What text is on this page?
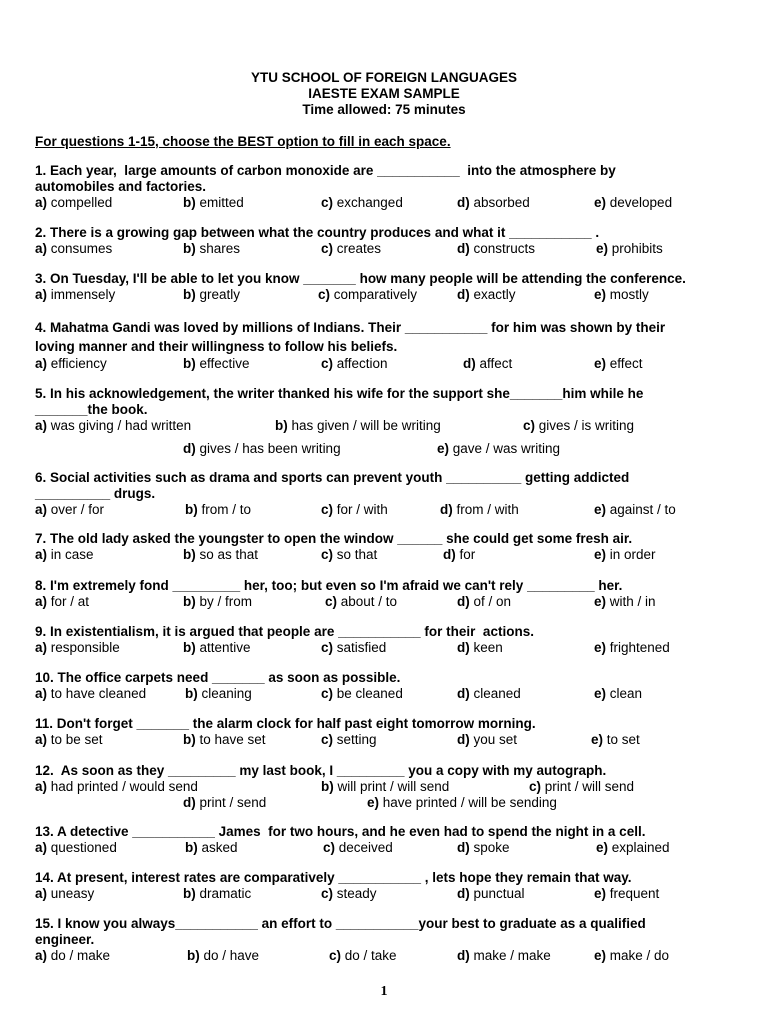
YTU SCHOOL OF FOREIGN LANGUAGES
IAESTE EXAM SAMPLE
Time allowed: 75 minutes
For questions 1-15, choose the BEST option to fill in each space.
1. Each year,  large amounts of carbon monoxide are ___________  into the atmosphere by
automobiles and factories.
a) compelled	b) emitted	c) exchanged	d) absorbed	e) developed
2. There is a growing gap between what the country produces and what it ___________ .
a) consumes	b) shares	c) creates	d) constructs	e) prohibits
3. On Tuesday, I'll be able to let you know _______ how many people will be attending the conference.
a) immensely	b) greatly	c) comparatively	d) exactly	e) mostly
4. Mahatma Gandi was loved by millions of Indians. Their ___________ for him was shown by their
loving manner and their willingness to follow his beliefs.
a) efficiency	b) effective	c) affection	d) affect	e) effect
5. In his acknowledgement, the writer thanked his wife for the support she_______him while he
_______the book.
a) was giving / had written	b) has given / will be writing	c) gives / is writing
d) gives / has been writing	e) gave / was writing
6. Social activities such as drama and sports can prevent youth __________ getting addicted
__________ drugs.
a) over / for	b) from / to	c) for / with	d) from / with	e) against / to
7. The old lady asked the youngster to open the window ______ she could get some fresh air.
a) in case	b) so as that	c) so that	d) for	e) in order
8. I'm extremely fond _________ her, too; but even so I'm afraid we can't rely _________ her.
a) for / at	b) by / from	c) about / to	d) of / on	e) with / in
9. In existentialism, it is argued that people are ___________ for their  actions.
a) responsible	b) attentive	c) satisfied	d) keen	e) frightened
10. The office carpets need _______ as soon as possible.
a) to have cleaned	b) cleaning	c) be cleaned	d) cleaned	e) clean
11. Don't forget _______ the alarm clock for half past eight tomorrow morning.
a) to be set	b) to have set	c) setting	d) you set	e) to set
12.  As soon as they _________ my last book, I _________ you a copy with my autograph.
a) had printed / would send	b) will print / will send	c) print / will send
d) print / send	e) have printed / will be sending
13. A detective ___________ James  for two hours, and he even had to spend the night in a cell.
a) questioned	b) asked	c) deceived	d) spoke	e) explained
14. At present, interest rates are comparatively ___________ , lets hope they remain that way.
a) uneasy	b) dramatic	c) steady	d) punctual	e) frequent
15. I know you always___________ an effort to ___________your best to graduate as a qualified
engineer.
a) do / make	b) do / have	c) do / take	d) make / make	e) make / do
1
